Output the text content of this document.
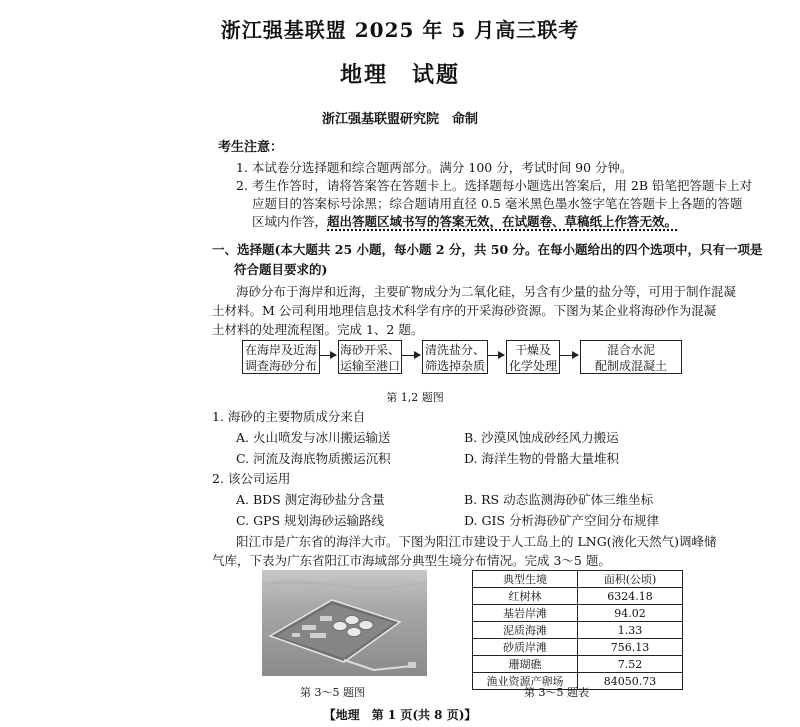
浙江强基联盟 2025 年 5 月高三联考
地理　试题
浙江强基联盟研究院　命制
考生注意：
1. 本试卷分选择题和综合题两部分。满分 100 分，考试时间 90 分钟。
2. 考生作答时，请将答案答在答题卡上。选择题每小题选出答案后，用 2B 铅笔把答题卡上对
应题目的答案标号涂黑；综合题请用直径 0.5 毫米黑色墨水签字笔在答题卡上各题的答题
区域内作答，超出答题区域书写的答案无效，在试题卷、草稿纸上作答无效。
一、选择题(本大题共 25 小题，每小题 2 分，共 50 分。在每小题给出的四个选项中，只有一项是
符合题目要求的)
海砂分布于海岸和近海，主要矿物成分为二氧化硅，另含有少量的盐分等，可用于制作混凝
土材料。M 公司利用地理信息技术科学有序的开采海砂资源。下图为某企业将海砂作为混凝
土材料的处理流程图。完成 1、2 题。
在海岸及近海
调查海砂分布
海砂开采、
运输至港口
清洗盐分、
筛选掉杂质
干燥及
化学处理
混合水泥
配制成混凝土
第 1,2 题图
1. 海砂的主要物质成分来自
A. 火山喷发与冰川搬运输送	B. 沙漠风蚀成砂经风力搬运
C. 河流及海底物质搬运沉积	D. 海洋生物的骨骼大量堆积
2. 该公司运用
A. BDS 测定海砂盐分含量	B. RS 动态监测海砂矿体三维坐标
C. GPS 规划海砂运输路线	D. GIS 分析海砂矿产空间分布规律
阳江市是广东省的海洋大市。下图为阳江市建设于人工岛上的 LNG(液化天然气)调峰储
气库，下表为广东省阳江市海域部分典型生境分布情况。完成 3～5 题。
第 3～5 题图
典型生境	面积(公顷)
红树林	6324.18
基岩岸滩	94.02
泥质海滩	1.33
砂质岸滩	756.13
珊瑚礁	7.52
渔业资源产卵场	84050.73
第 3～5 题表
【地理　第 1 页(共 8 页)】
